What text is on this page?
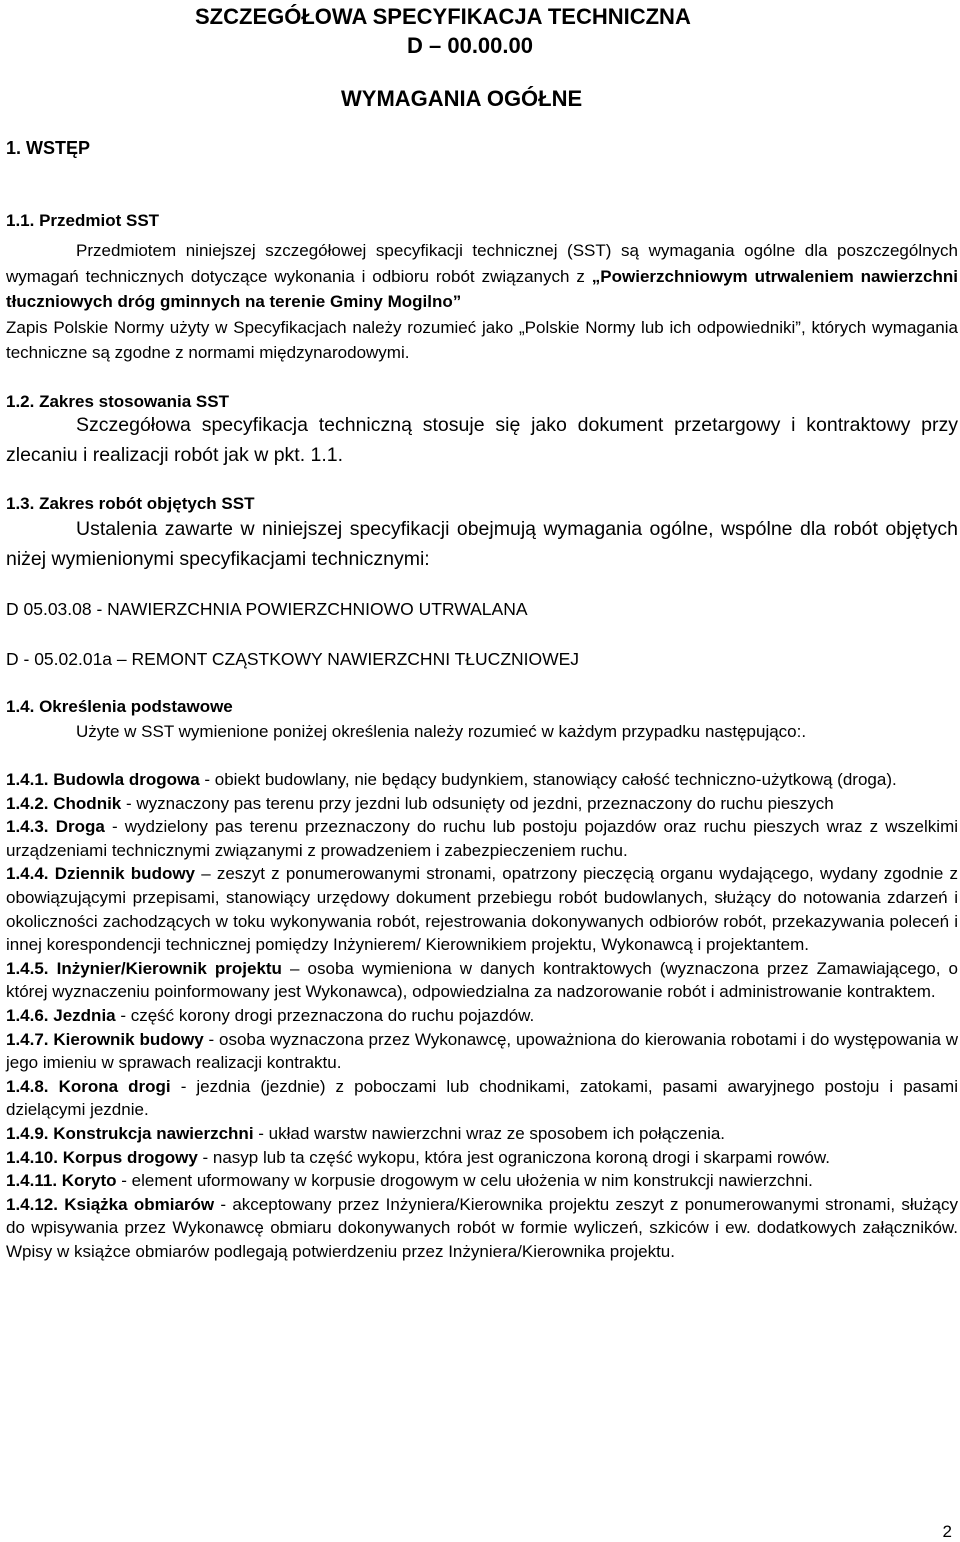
SZCZEGÓŁOWA SPECYFIKACJA TECHNICZNA
D – 00.00.00
WYMAGANIA OGÓŁNE
1. WSTĘP
1.1. Przedmiot SST
Przedmiotem niniejszej szczegółowej specyfikacji technicznej (SST) są wymagania ogólne dla poszczególnych wymagań technicznych dotyczące wykonania i odbioru robót związanych z „Powierzchniowym utrwaleniem nawierzchni tłuczniowych dróg gminnych na terenie Gminy Mogilno”
Zapis Polskie Normy użyty w Specyfikacjach należy rozumieć jako „Polskie Normy lub ich odpowiedniki”, których wymagania techniczne są zgodne z normami międzynarodowymi.
1.2. Zakres stosowania SST
Szczegółowa specyfikacja techniczną stosuje się jako dokument przetargowy i kontraktowy przy zlecaniu i realizacji robót jak w pkt. 1.1.
1.3. Zakres robót objętych SST
Ustalenia zawarte w niniejszej specyfikacji obejmują wymagania ogólne, wspólne dla robót objętych niżej wymienionymi specyfikacjami technicznymi:
D 05.03.08 - NAWIERZCHNIA POWIERZCHNIOWO UTRWALANA
D - 05.02.01a – REMONT CZĄSTKOWY NAWIERZCHNI TŁUCZNIOWEJ
1.4. Określenia podstawowe
Użyte w SST wymienione poniżej określenia należy rozumieć w każdym przypadku następująco:.
1.4.1. Budowla drogowa - obiekt budowlany, nie będący budynkiem, stanowiący całość techniczno-użytkową (droga).
1.4.2. Chodnik - wyznaczony pas terenu przy jezdni lub odsunięty od jezdni, przeznaczony do ruchu pieszych
1.4.3. Droga - wydzielony pas terenu przeznaczony do ruchu lub postoju pojazdów oraz ruchu pieszych wraz z wszelkimi urządzeniami technicznymi związanymi z prowadzeniem i zabezpieczeniem ruchu.
1.4.4. Dziennik budowy – zeszyt z ponumerowanymi stronami, opatrzony pieczęcią organu wydającego, wydany zgodnie z obowiązującymi przepisami, stanowiący urzędowy dokument przebiegu robót budowlanych, służący do notowania zdarzeń i okoliczności zachodzących w toku wykonywania robót, rejestrowania dokonywanych odbiorów robót, przekazywania poleceń i innej korespondencji technicznej pomiędzy Inżynierem/ Kierownikiem projektu, Wykonawcą i projektantem.
1.4.5. Inżynier/Kierownik projektu – osoba wymieniona w danych kontraktowych (wyznaczona przez Zamawiającego, o której wyznaczeniu poinformowany jest Wykonawca), odpowiedzialna za nadzorowanie robót i administrowanie kontraktem.
1.4.6. Jezdnia - część korony drogi przeznaczona do ruchu pojazdów.
1.4.7. Kierownik budowy - osoba wyznaczona przez Wykonawcę, upoważniona do kierowania robotami i do występowania w jego imieniu w sprawach realizacji kontraktu.
1.4.8. Korona drogi - jezdnia (jezdnie) z poboczami lub chodnikami, zatokami, pasami awaryjnego postoju i pasami dzielącymi jezdnie.
1.4.9. Konstrukcja nawierzchni - układ warstw nawierzchni wraz ze sposobem ich połączenia.
1.4.10. Korpus drogowy - nasyp lub ta część wykopu, która jest ograniczona koroną drogi i skarpami rowów.
1.4.11. Koryto - element uformowany w korpusie drogowym w celu ułożenia w nim konstrukcji nawierzchni.
1.4.12. Książka obmiarów - akceptowany przez Inżyniera/Kierownika projektu zeszyt z ponumerowanymi stronami, służący do wpisywania przez Wykonawcę obmiaru dokonywanych robót w formie wyliczeń, szkiców i ew. dodatkowych załączników. Wpisy w książce obmiarów podlegają potwierdzeniu przez Inżyniera/Kierownika projektu.
2
